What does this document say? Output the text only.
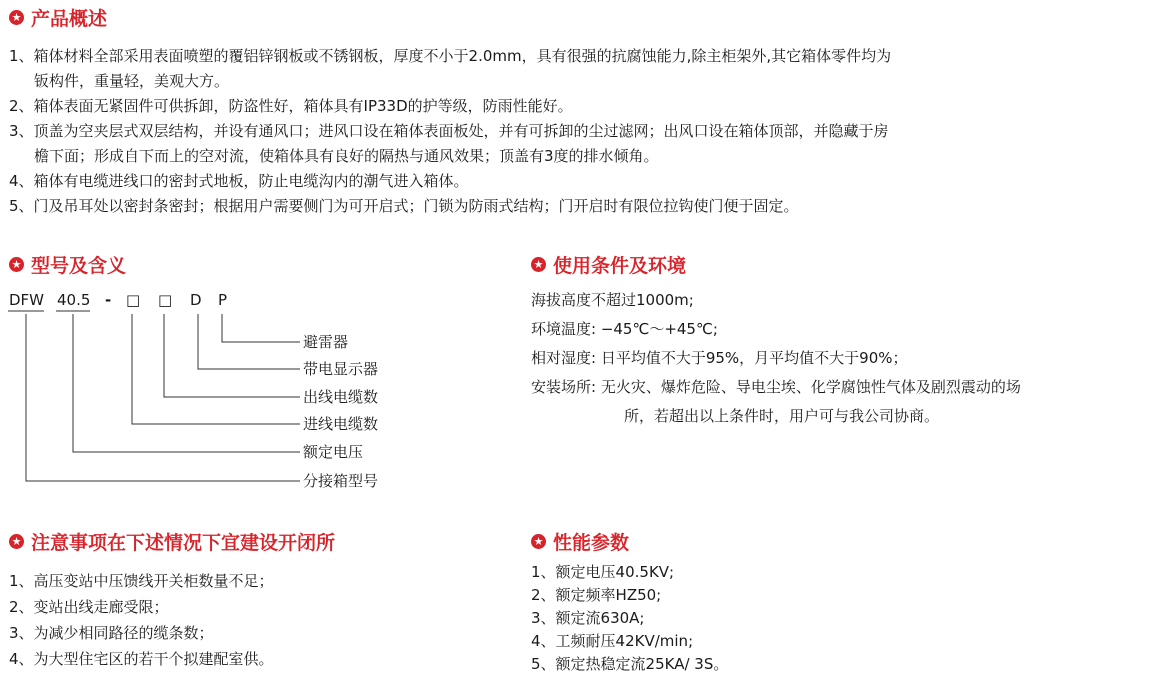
★ 产品概述
1、箱体材料全部采用表面喷塑的覆铝锌钢板或不锈钢板，厚度不小于2.0mm，具有很强的抗腐蚀能力,除主柜架外,其它箱体零件均为
钣构件，重量轻，美观大方。
2、箱体表面无紧固件可供拆卸，防盗性好，箱体具有IP33D的护等级，防雨性能好。
3、顶盖为空夹层式双层结构，并设有通风口；进风口设在箱体表面板处，并有可拆卸的尘过滤网；出风口设在箱体顶部，并隐藏于房
檐下面；形成自下而上的空对流，使箱体具有良好的隔热与通风效果；顶盖有3度的排水倾角。
4、箱体有电缆进线口的密封式地板，防止电缆沟内的潮气进入箱体。
5、门及吊耳处以密封条密封；根据用户需要侧门为可开启式；门锁为防雨式结构；门开启时有限位拉钩使门便于固定。
★ 型号及含义
DFW 40.5 - □ □ D P
避雷器
带电显示器
出线电缆数
进线电缆数
额定电压
分接箱型号
★ 使用条件及环境
海拔高度不超过1000m;
环境温度: −45℃～+45℃;
相对湿度: 日平均值不大于95%，月平均值不大于90%；
安装场所: 无火灾、爆炸危险、导电尘埃、化学腐蚀性气体及剧烈震动的场
所，若超出以上条件时，用户可与我公司协商。
★ 注意事项在下述情况下宜建设开闭所
1、高压变站中压馈线开关柜数量不足；
2、变站出线走廊受限；
3、为减少相同路径的缆条数；
4、为大型住宅区的若干个拟建配室供。
★ 性能参数
1、额定电压40.5KV;
2、额定频率HZ50;
3、额定流630A;
4、工频耐压42KV/min;
5、额定热稳定流25KA/ 3S。
